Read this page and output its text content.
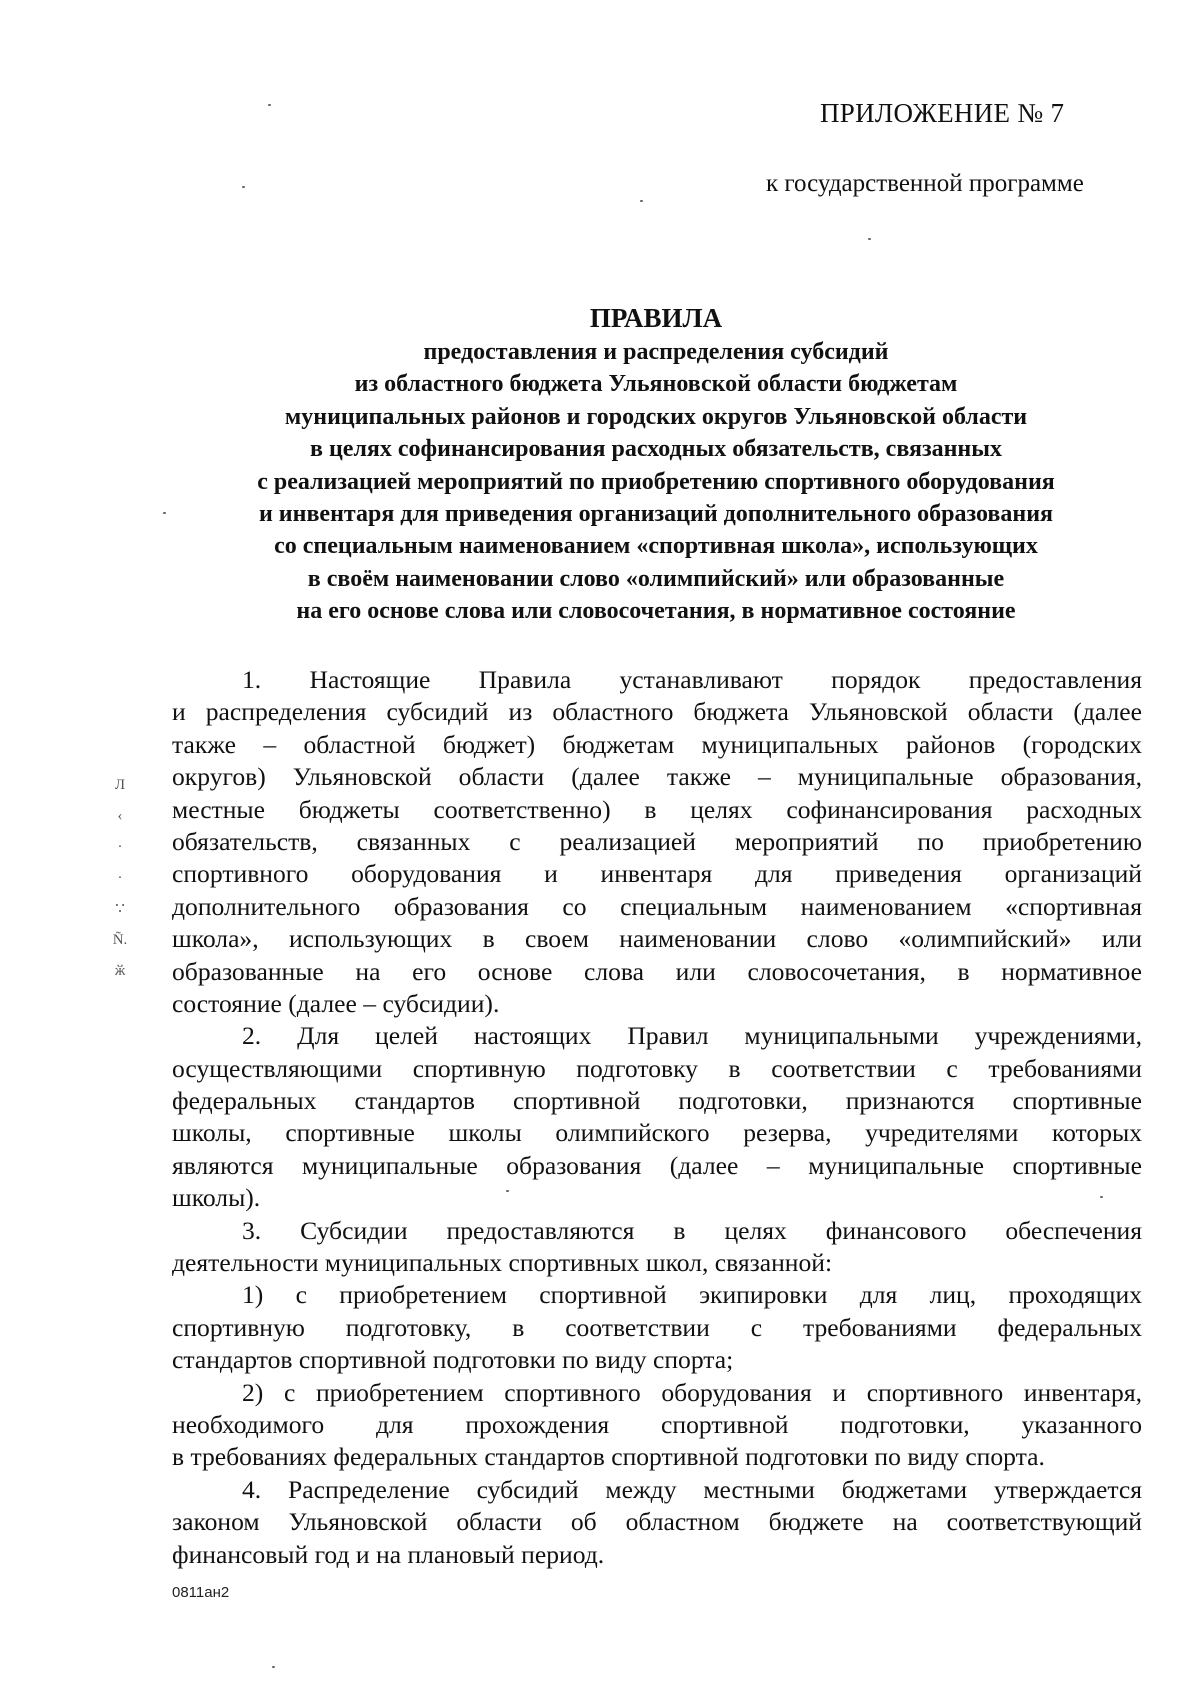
ПРИЛОЖЕНИЕ № 7
к государственной программе
ПРАВИЛА
предоставления и распределения субсидий
из областного бюджета Ульяновской области бюджетам
муниципальных районов и городских округов Ульяновской области
в целях софинансирования расходных обязательств, связанных
с реализацией мероприятий по приобретению спортивного оборудования
и инвентаря для приведения организаций дополнительного образования
со специальным наименованием «спортивная школа», использующих
в своём наименовании слово «олимпийский» или образованные
на его основе слова или словосочетания, в нормативное состояние
1. Настоящие Правила устанавливают порядок предоставления
и распределения субсидий из областного бюджета Ульяновской области (далее
также – областной бюджет) бюджетам муниципальных районов (городских
округов) Ульяновской области (далее также – муниципальные образования,
местные бюджеты соответственно) в целях софинансирования расходных
обязательств, связанных с реализацией мероприятий по приобретению
спортивного оборудования и инвентаря для приведения организаций
дополнительного образования со специальным наименованием «спортивная
школа», использующих в своем наименовании слово «олимпийский» или
образованные на его основе слова или словосочетания, в нормативное
состояние (далее – субсидии).
2. Для целей настоящих Правил муниципальными учреждениями,
осуществляющими спортивную подготовку в соответствии с требованиями
федеральных стандартов спортивной подготовки, признаются спортивные
школы, спортивные школы олимпийского резерва, учредителями которых
являются муниципальные образования (далее – муниципальные спортивные
школы).
3. Субсидии предоставляются в целях финансового обеспечения
деятельности муниципальных спортивных школ, связанной:
1) с приобретением спортивной экипировки для лиц, проходящих
спортивную подготовку, в соответствии с требованиями федеральных
стандартов спортивной подготовки по виду спорта;
2) с приобретением спортивного оборудования и спортивного инвентаря,
необходимого для прохождения спортивной подготовки, указанного
в требованиях федеральных стандартов спортивной подготовки по виду спорта.
4. Распределение субсидий между местными бюджетами утверждается
законом Ульяновской области об областном бюджете на соответствующий
финансовый год и на плановый период.
Л
‹
·
·
∵
Ñ.
ӂ
0811ан2
